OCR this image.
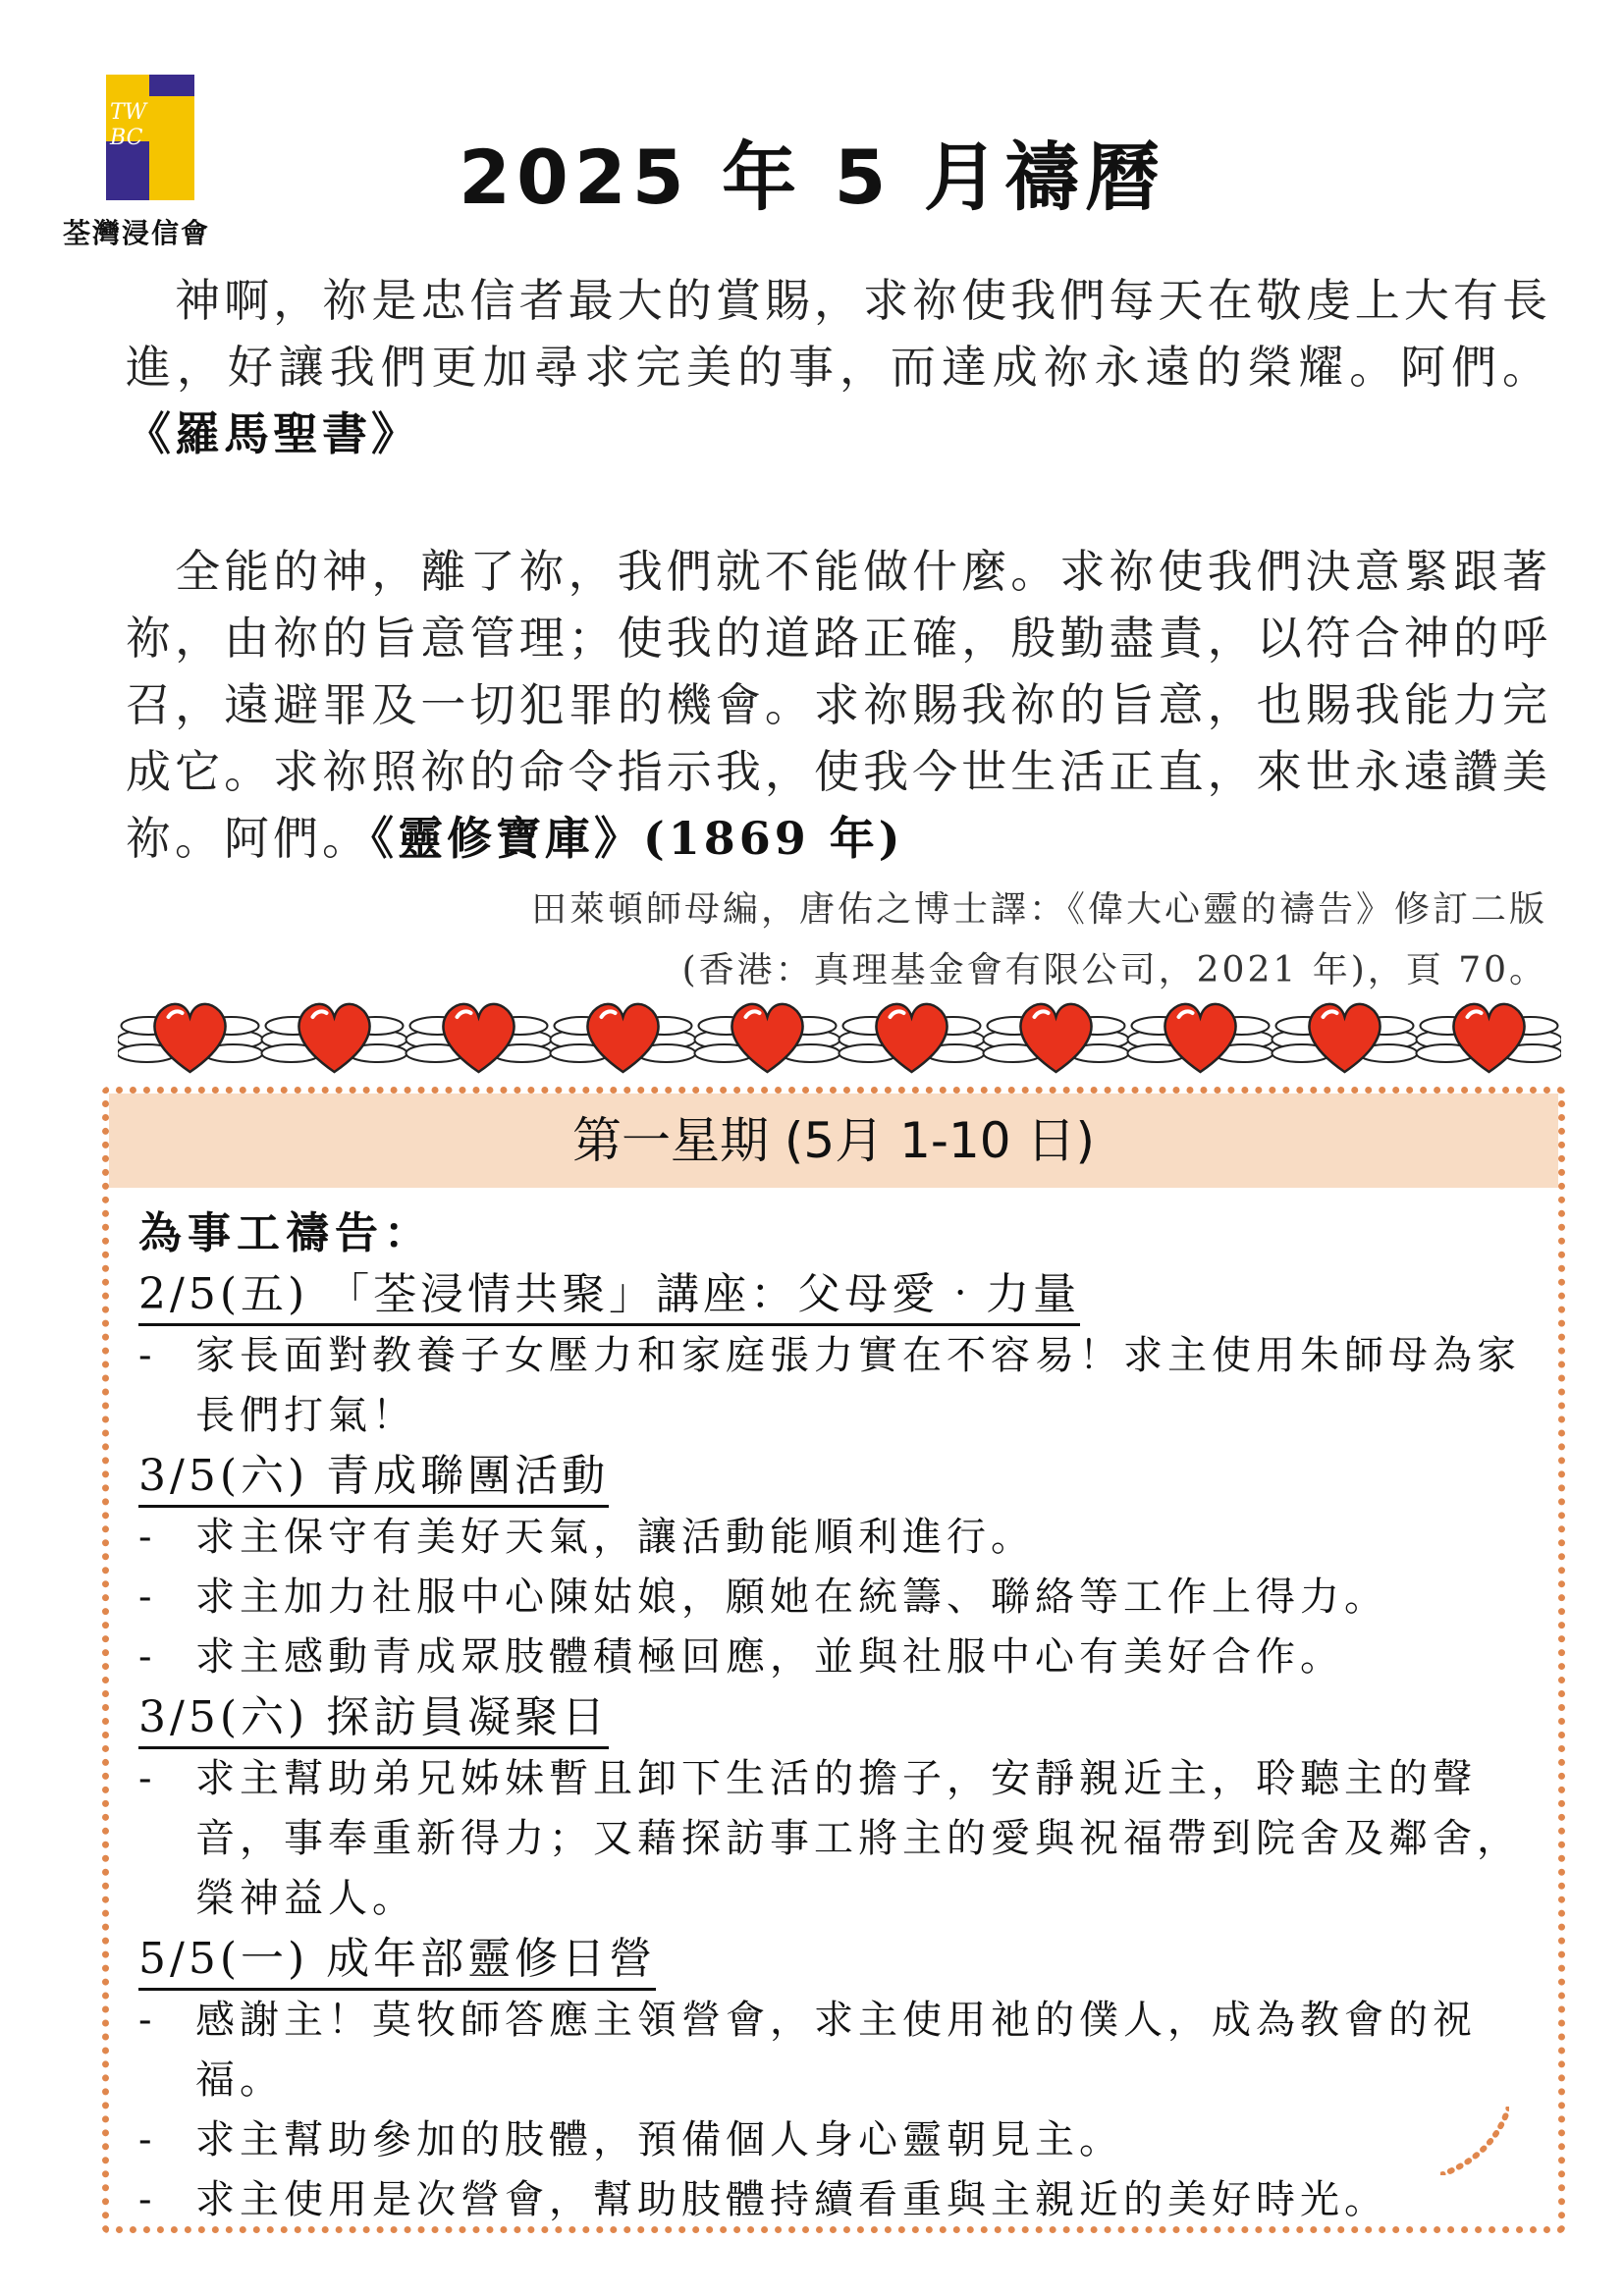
TW
BC
荃灣浸信會
2025 年 5 月禱曆
神啊，祢是忠信者最大的賞賜，求祢使我們每天在敬虔上大有長進，好讓我們更加尋求完美的事，而達成祢永遠的榮耀。阿們。《羅馬聖書》
全能的神，離了祢，我們就不能做什麼。求祢使我們決意緊跟著祢，由祢的旨意管理；使我的道路正確，殷勤盡責，以符合神的呼召，遠避罪及一切犯罪的機會。求祢賜我祢的旨意，也賜我能力完成它。求祢照祢的命令指示我，使我今世生活正直，來世永遠讚美祢。阿們。《靈修寶庫》(1869 年)
田萊頓師母編，唐佑之博士譯：《偉大心靈的禱告》修訂二版
(香港：真理基金會有限公司，2021 年)，頁 70。
第一星期 (5月 1-10 日)
為事工禱告：
2/5(五) 「荃浸情共聚」講座：父母愛‧力量
- 家長面對教養子女壓力和家庭張力實在不容易！求主使用朱師母為家長們打氣！
3/5(六) 青成聯團活動
- 求主保守有美好天氣，讓活動能順利進行。
- 求主加力社服中心陳姑娘，願她在統籌、聯絡等工作上得力。
- 求主感動青成眾肢體積極回應，並與社服中心有美好合作。
3/5(六) 探訪員凝聚日
- 求主幫助弟兄姊妹暫且卸下生活的擔子，安靜親近主，聆聽主的聲音，事奉重新得力；又藉探訪事工將主的愛與祝福帶到院舍及鄰舍，榮神益人。
5/5(一) 成年部靈修日營
- 感謝主！莫牧師答應主領營會，求主使用祂的僕人，成為教會的祝福。
- 求主幫助參加的肢體，預備個人身心靈朝見主。
- 求主使用是次營會，幫助肢體持續看重與主親近的美好時光。
